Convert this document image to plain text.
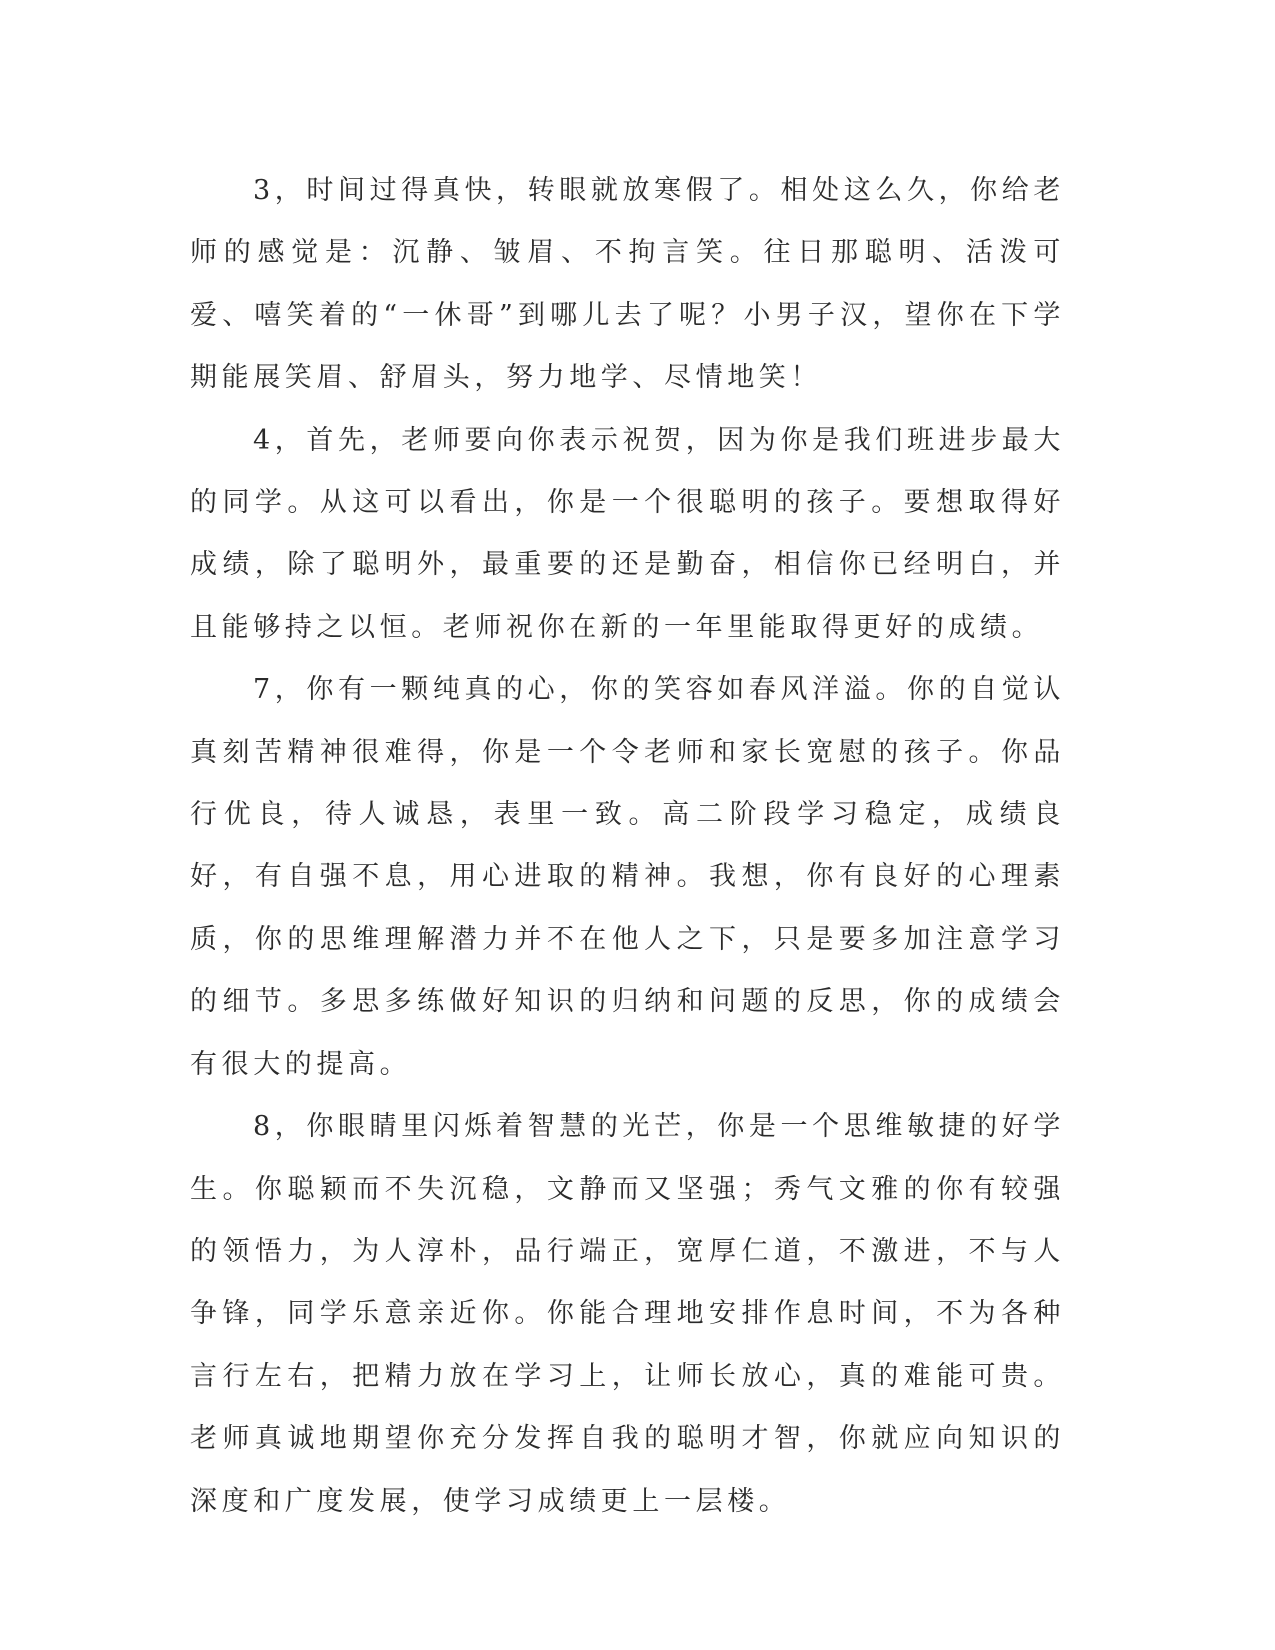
3，时间过得真快，转眼就放寒假了。相处这么久，你给老师的感觉是：沉静、皱眉、不拘言笑。往日那聪明、活泼可爱、嘻笑着的“一休哥”到哪儿去了呢？小男子汉，望你在下学期能展笑眉、舒眉头，努力地学、尽情地笑！

4，首先，老师要向你表示祝贺，因为你是我们班进步最大的同学。从这可以看出，你是一个很聪明的孩子。要想取得好成绩，除了聪明外，最重要的还是勤奋，相信你已经明白，并且能够持之以恒。老师祝你在新的一年里能取得更好的成绩。

7，你有一颗纯真的心，你的笑容如春风洋溢。你的自觉认真刻苦精神很难得，你是一个令老师和家长宽慰的孩子。你品行优良，待人诚恳，表里一致。高二阶段学习稳定，成绩良好，有自强不息，用心进取的精神。我想，你有良好的心理素质，你的思维理解潜力并不在他人之下，只是要多加注意学习的细节。多思多练做好知识的归纳和问题的反思，你的成绩会有很大的提高。

8，你眼睛里闪烁着智慧的光芒，你是一个思维敏捷的好学生。你聪颖而不失沉稳，文静而又坚强；秀气文雅的你有较强的领悟力，为人淳朴，品行端正，宽厚仁道，不激进，不与人争锋，同学乐意亲近你。你能合理地安排作息时间，不为各种言行左右，把精力放在学习上，让师长放心，真的难能可贵。老师真诚地期望你充分发挥自我的聪明才智，你就应向知识的深度和广度发展，使学习成绩更上一层楼。
